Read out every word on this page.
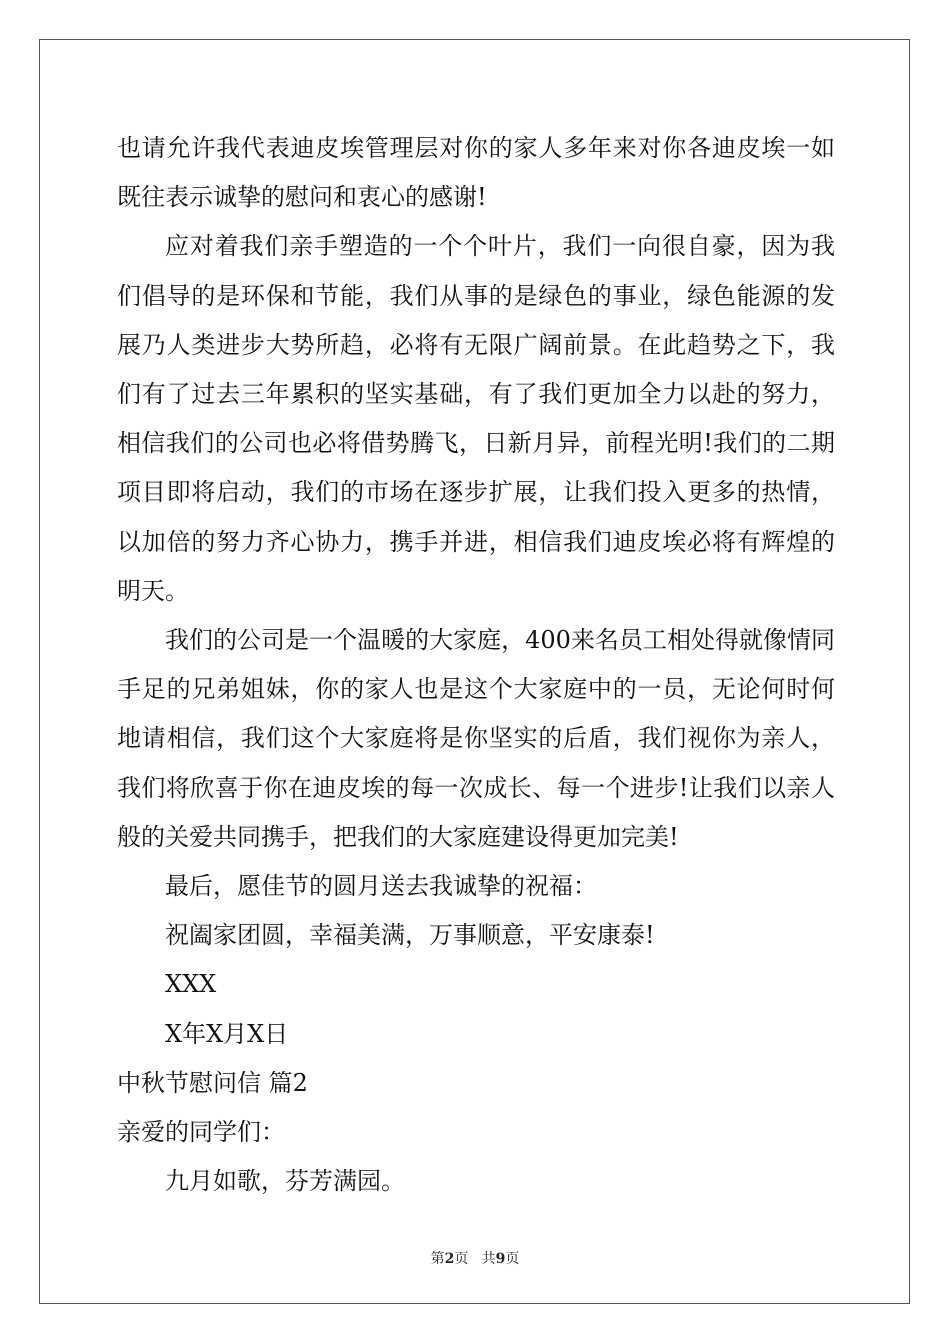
也请允许我代表迪皮埃管理层对你的家人多年来对你各迪皮埃一如既往表示诚挚的慰问和衷心的感谢!

应对着我们亲手塑造的一个个叶片，我们一向很自豪，因为我们倡导的是环保和节能，我们从事的是绿色的事业，绿色能源的发展乃人类进步大势所趋，必将有无限广阔前景。在此趋势之下，我们有了过去三年累积的坚实基础，有了我们更加全力以赴的努力，相信我们的公司也必将借势腾飞，日新月异，前程光明!我们的二期项目即将启动，我们的市场在逐步扩展，让我们投入更多的热情，以加倍的努力齐心协力，携手并进，相信我们迪皮埃必将有辉煌的明天。

我们的公司是一个温暖的大家庭，400来名员工相处得就像情同手足的兄弟姐妹，你的家人也是这个大家庭中的一员，无论何时何地请相信，我们这个大家庭将是你坚实的后盾，我们视你为亲人，我们将欣喜于你在迪皮埃的每一次成长、每一个进步!让我们以亲人般的关爱共同携手，把我们的大家庭建设得更加完美!

最后，愿佳节的圆月送去我诚挚的祝福：

祝阖家团圆，幸福美满，万事顺意，平安康泰!

XXX

X年X月X日

中秋节慰问信 篇2

亲爱的同学们：

九月如歌，芬芳满园。

第2页 共9页
